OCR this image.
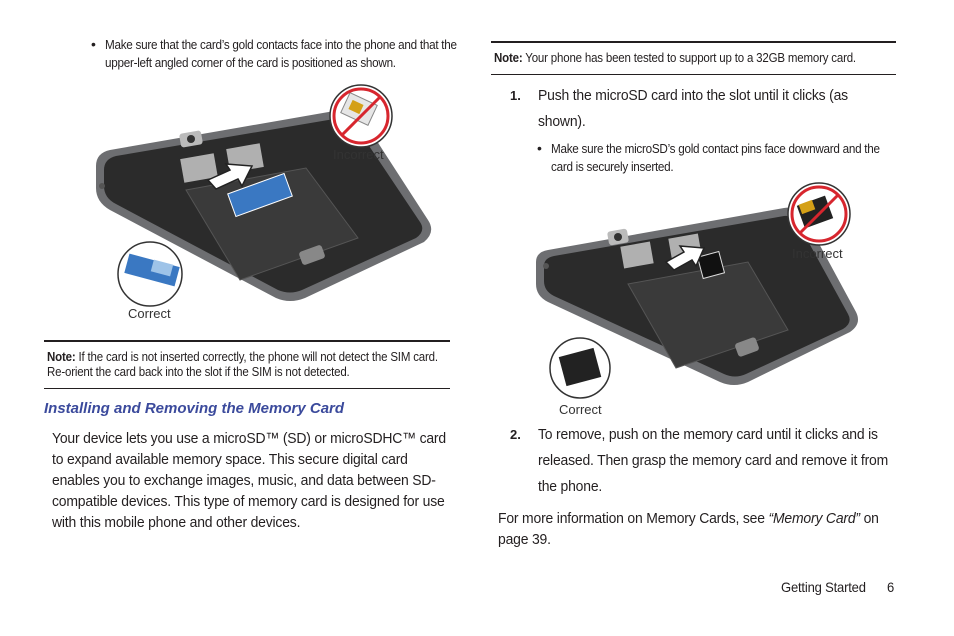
• Make sure that the card’s gold contacts face into the phone and that the upper-left angled corner of the card is positioned as shown.
Incorrect
Correct
Note: If the card is not inserted correctly, the phone will not detect the SIM card. Re-orient the card back into the slot if the SIM is not detected.
Installing and Removing the Memory Card
Your device lets you use a microSD™ (SD) or microSDHC™ card to expand available memory space. This secure digital card enables you to exchange images, music, and data between SD-compatible devices. This type of memory card is designed for use with this mobile phone and other devices.
Note: Your phone has been tested to support up to a 32GB memory card.
1. Push the microSD card into the slot until it clicks (as shown).
• Make sure the microSD’s gold contact pins face downward and the card is securely inserted.
Incorrect
Correct
2. To remove, push on the memory card until it clicks and is released. Then grasp the memory card and remove it from the phone.
For more information on Memory Cards, see “Memory Card” on page 39.
Getting Started 6
